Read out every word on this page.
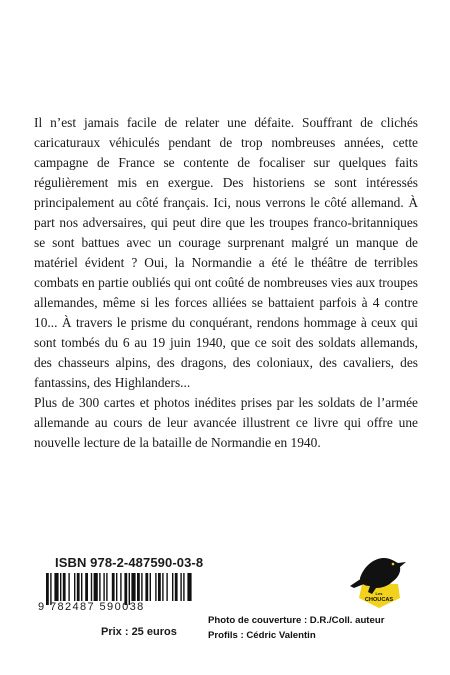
Il n’est jamais facile de relater une défaite. Souffrant de clichés caricaturaux véhiculés pendant de trop nombreuses années, cette campagne de France se contente de focaliser sur quelques faits régulièrement mis en exergue. Des historiens se sont intéressés principalement au côté français. Ici, nous verrons le côté allemand. À part nos adversaires, qui peut dire que les troupes franco-britanniques se sont battues avec un courage surprenant malgré un manque de matériel évident ? Oui, la Normandie a été le théâtre de terribles combats en partie oubliés qui ont coûté de nombreuses vies aux troupes allemandes, même si les forces alliées se battaient parfois à 4 contre 10... À travers le prisme du conquérant, rendons hommage à ceux qui sont tombés du 6 au 19 juin 1940, que ce soit des soldats allemands, des chasseurs alpins, des dragons, des coloniaux, des cavaliers, des fantassins, des Highlanders...

Plus de 300 cartes et photos inédites prises par les soldats de l’armée allemande au cours de leur avancée illustrent ce livre qui offre une nouvelle lecture de la bataille de Normandie en 1940.

ISBN 978-2-487590-03-8
9 782487 590038
Prix : 25 euros
Photo de couverture : D.R./Coll. auteur
Profils : Cédric Valentin
Les
CHOUCAS
